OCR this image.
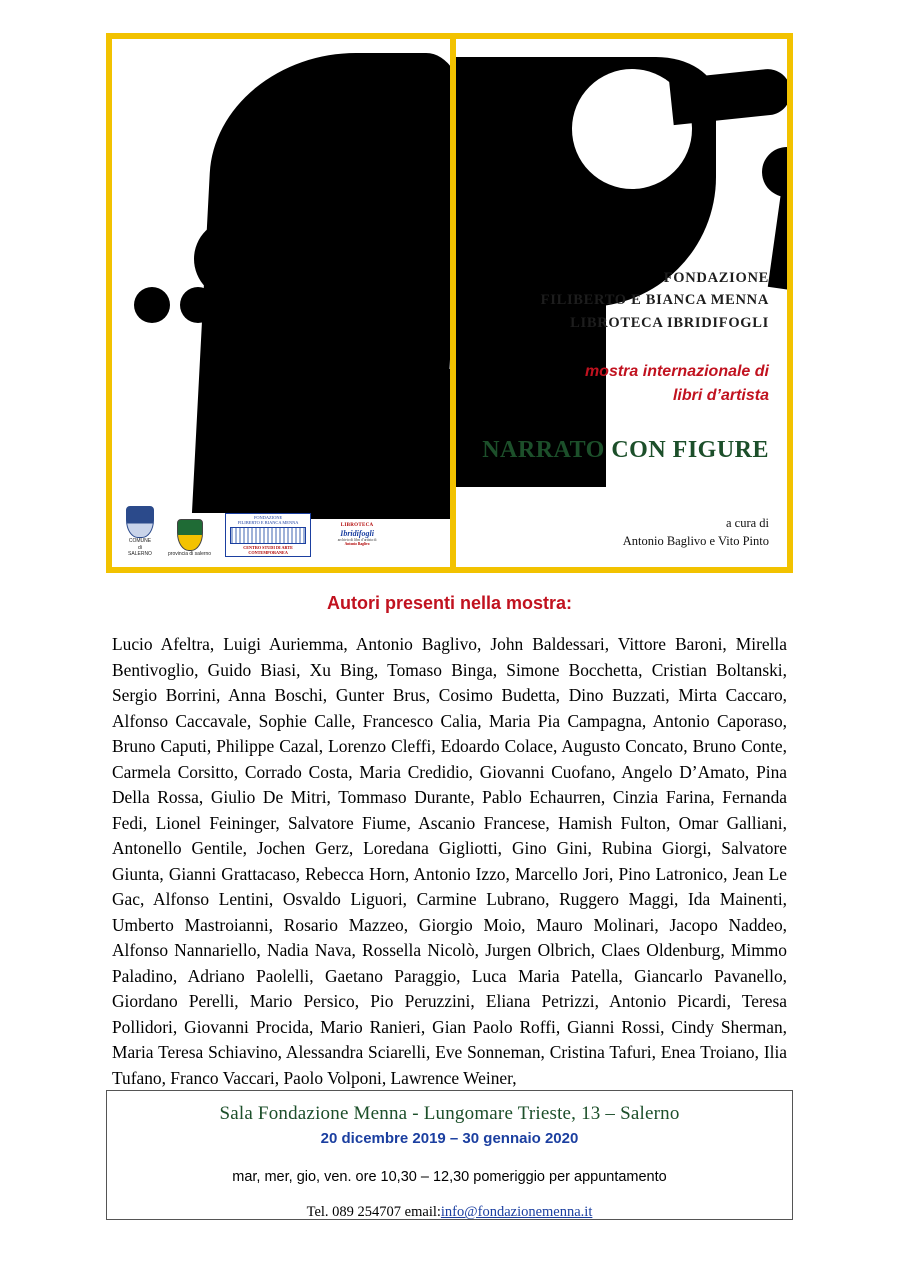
COMUNE
di
SALERNO	provincia di salerno
FONDAZIONE
FILIBERTO E BIANCA MENNA
CENTRO STUDI DI ARTE CONTEMPORANEA
LIBROTECA
Ibridifogli
archivio di libri d’artista di
Antonio Baglivo
FONDAZIONE
FILIBERTO E BIANCA MENNA
LIBROTECA IBRIDIFOGLI
mostra internazionale di
libri d’artista
NARRATO CON FIGURE
a cura di
Antonio Baglivo e Vito Pinto
Autori presenti nella mostra:
Lucio Afeltra, Luigi Auriemma, Antonio Baglivo, John Baldessari, Vittore Baroni, Mirella Bentivoglio, Guido Biasi, Xu Bing, Tomaso Binga, Simone Bocchetta, Cristian Boltanski, Sergio Borrini, Anna Boschi, Gunter Brus, Cosimo Budetta, Dino Buzzati, Mirta Caccaro, Alfonso Caccavale, Sophie Calle, Francesco Calia, Maria Pia Campagna, Antonio Caporaso, Bruno Caputi, Philippe Cazal, Lorenzo Cleffi, Edoardo Colace, Augusto Concato, Bruno Conte, Carmela Corsitto, Corrado Costa, Maria Credidio, Giovanni Cuofano, Angelo D’Amato, Pina Della Rossa, Giulio De Mitri, Tommaso Durante, Pablo Echaurren, Cinzia Farina, Fernanda Fedi, Lionel Feininger, Salvatore Fiume, Ascanio Francese, Hamish Fulton, Omar Galliani, Antonello Gentile, Jochen Gerz, Loredana Gigliotti, Gino Gini, Rubina Giorgi, Salvatore Giunta, Gianni Grattacaso, Rebecca Horn, Antonio Izzo, Marcello Jori, Pino Latronico, Jean Le Gac, Alfonso Lentini, Osvaldo Liguori, Carmine Lubrano, Ruggero Maggi, Ida Mainenti, Umberto Mastroianni, Rosario Mazzeo, Giorgio Moio, Mauro Molinari, Jacopo Naddeo, Alfonso Nannariello, Nadia Nava, Rossella Nicolò, Jurgen Olbrich, Claes Oldenburg, Mimmo Paladino, Adriano Paolelli, Gaetano Paraggio, Luca Maria Patella, Giancarlo Pavanello, Giordano Perelli, Mario Persico, Pio Peruzzini, Eliana Petrizzi, Antonio Picardi, Teresa Pollidori, Giovanni Procida, Mario Ranieri, Gian Paolo Roffi, Gianni Rossi, Cindy Sherman, Maria Teresa Schiavino, Alessandra Sciarelli, Eve Sonneman, Cristina Tafuri, Enea Troiano, Ilia Tufano, Franco Vaccari, Paolo Volponi, Lawrence Weiner,
Sala Fondazione Menna - Lungomare Trieste, 13 – Salerno
20 dicembre 2019 – 30 gennaio 2020
mar, mer, gio, ven. ore 10,30 – 12,30 pomeriggio per appuntamento
Tel. 089 254707 email:info@fondazionemenna.it
